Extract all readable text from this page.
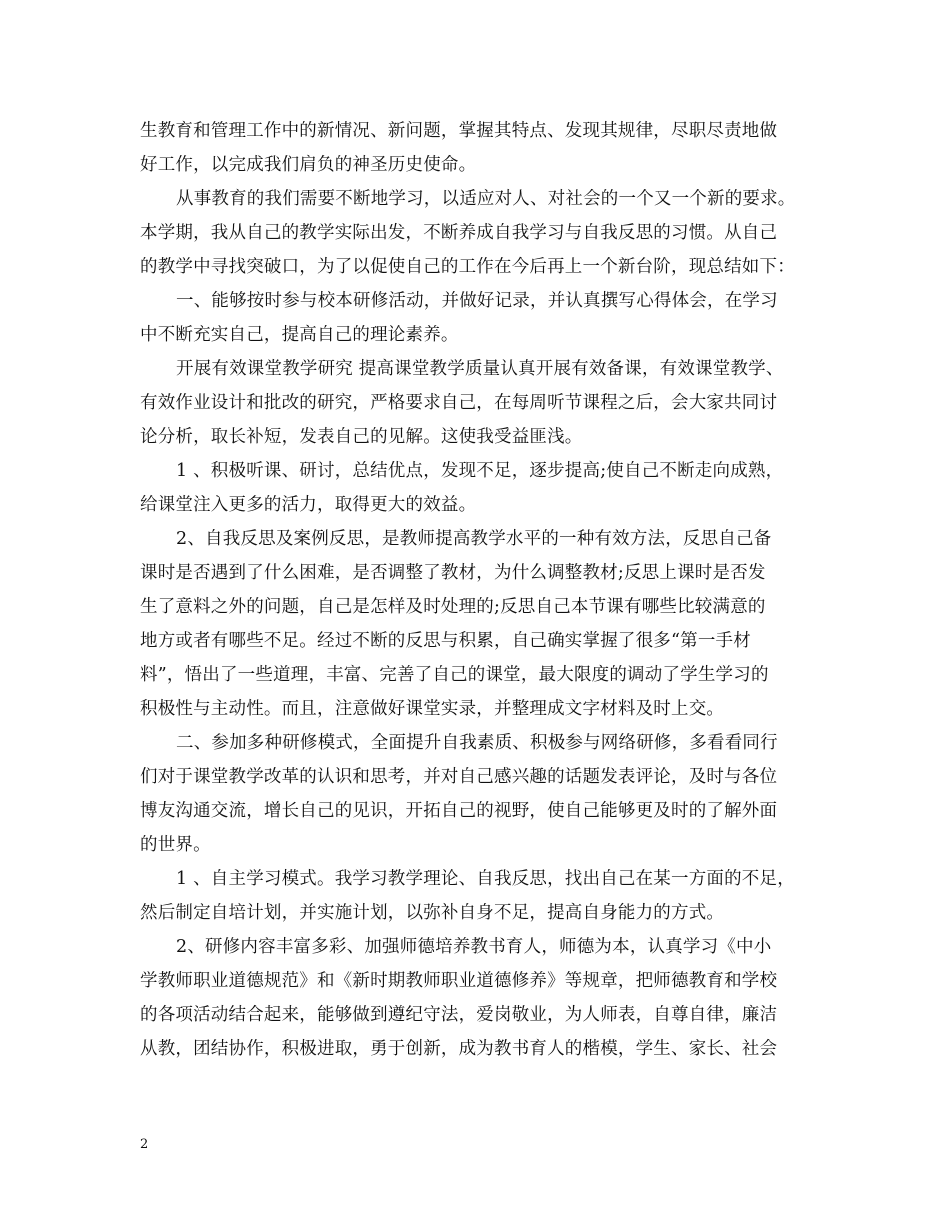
生教育和管理工作中的新情况、新问题，掌握其特点、发现其规律，尽职尽责地做
好工作，以完成我们肩负的神圣历史使命。
从事教育的我们需要不断地学习，以适应对人、对社会的一个又一个新的要求。
本学期，我从自己的教学实际出发，不断养成自我学习与自我反思的习惯。从自己
的教学中寻找突破口，为了以促使自己的工作在今后再上一个新台阶，现总结如下：
一、能够按时参与校本研修活动，并做好记录，并认真撰写心得体会，在学习
中不断充实自己，提高自己的理论素养。
开展有效课堂教学研究 提高课堂教学质量认真开展有效备课，有效课堂教学、
有效作业设计和批改的研究，严格要求自己，在每周听节课程之后，会大家共同讨
论分析，取长补短，发表自己的见解。这使我受益匪浅。
1 、积极听课、研讨，总结优点，发现不足，逐步提高;使自己不断走向成熟，
给课堂注入更多的活力，取得更大的效益。
2、自我反思及案例反思，是教师提高教学水平的一种有效方法，反思自己备
课时是否遇到了什么困难，是否调整了教材，为什么调整教材;反思上课时是否发
生了意料之外的问题，自己是怎样及时处理的;反思自己本节课有哪些比较满意的
地方或者有哪些不足。经过不断的反思与积累，自己确实掌握了很多“第一手材
料”，悟出了一些道理，丰富、完善了自己的课堂，最大限度的调动了学生学习的
积极性与主动性。而且，注意做好课堂实录，并整理成文字材料及时上交。
二、参加多种研修模式，全面提升自我素质、积极参与网络研修，多看看同行
们对于课堂教学改革的认识和思考，并对自己感兴趣的话题发表评论，及时与各位
博友沟通交流，增长自己的见识，开拓自己的视野，使自己能够更及时的了解外面
的世界。
1 、自主学习模式。我学习教学理论、自我反思，找出自己在某一方面的不足，
然后制定自培计划，并实施计划，以弥补自身不足，提高自身能力的方式。
2、研修内容丰富多彩、加强师德培养教书育人，师德为本，认真学习《中小
学教师职业道德规范》和《新时期教师职业道德修养》等规章，把师德教育和学校
的各项活动结合起来，能够做到遵纪守法，爱岗敬业，为人师表，自尊自律，廉洁
从教，团结协作，积极进取，勇于创新，成为教书育人的楷模，学生、家长、社会
2
